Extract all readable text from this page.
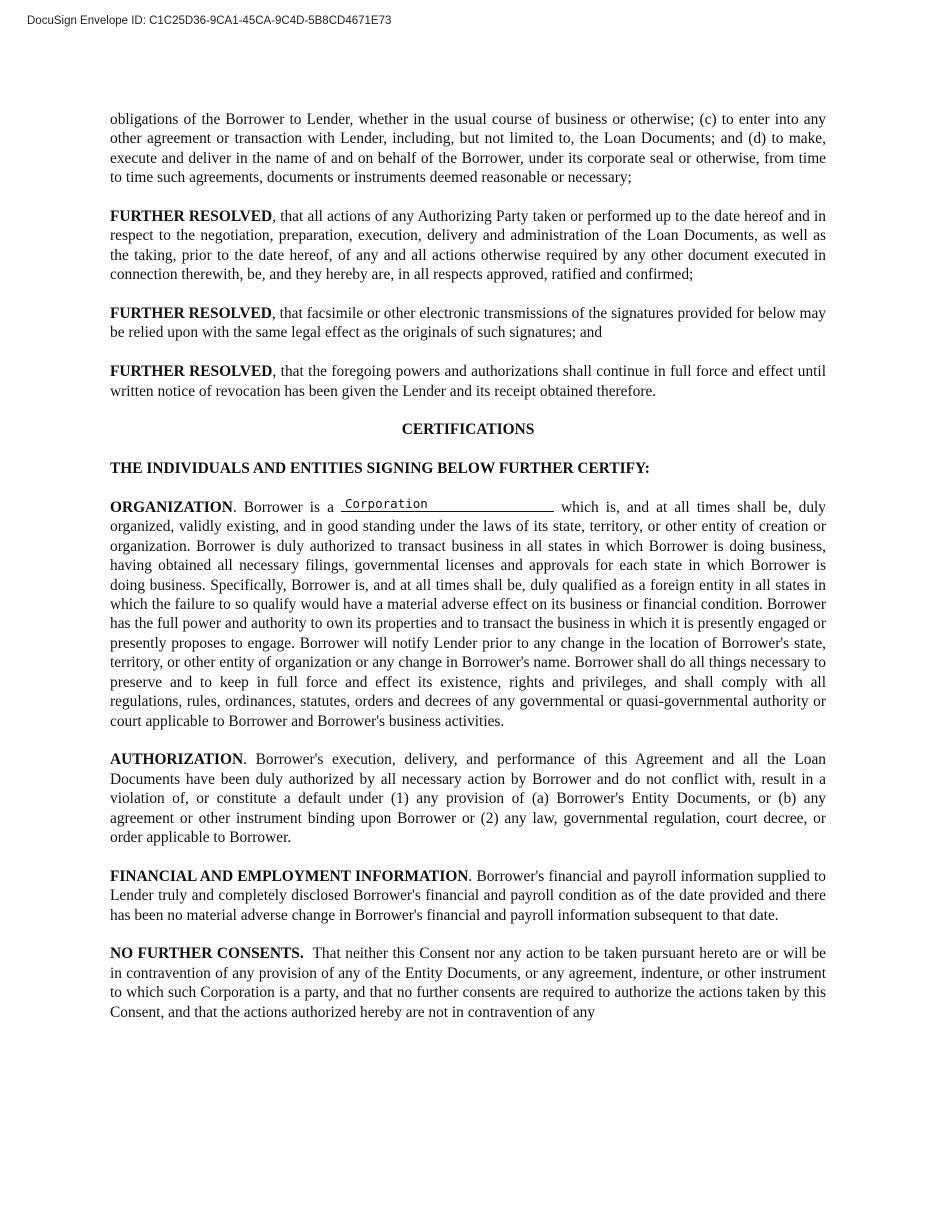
DocuSign Envelope ID: C1C25D36-9CA1-45CA-9C4D-5B8CD4671E73

obligations of the Borrower to Lender, whether in the usual course of business or otherwise; (c) to enter into any other agreement or transaction with Lender, including, but not limited to, the Loan Documents; and (d) to make, execute and deliver in the name of and on behalf of the Borrower, under its corporate seal or otherwise, from time to time such agreements, documents or instruments deemed reasonable or necessary;

FURTHER RESOLVED, that all actions of any Authorizing Party taken or performed up to the date hereof and in respect to the negotiation, preparation, execution, delivery and administration of the Loan Documents, as well as the taking, prior to the date hereof, of any and all actions otherwise required by any other document executed in connection therewith, be, and they hereby are, in all respects approved, ratified and confirmed;

FURTHER RESOLVED, that facsimile or other electronic transmissions of the signatures provided for below may be relied upon with the same legal effect as the originals of such signatures; and

FURTHER RESOLVED, that the foregoing powers and authorizations shall continue in full force and effect until written notice of revocation has been given the Lender and its receipt obtained therefore.

CERTIFICATIONS

THE INDIVIDUALS AND ENTITIES SIGNING BELOW FURTHER CERTIFY:

ORGANIZATION. Borrower is a Corporation	which is, and at all times shall be, duly organized, validly existing, and in good standing under the laws of its state, territory, or other entity of creation or organization. Borrower is duly authorized to transact business in all states in which Borrower is doing business, having obtained all necessary filings, governmental licenses and approvals for each state in which Borrower is doing business. Specifically, Borrower is, and at all times shall be, duly qualified as a foreign entity in all states in which the failure to so qualify would have a material adverse effect on its business or financial condition. Borrower has the full power and authority to own its properties and to transact the business in which it is presently engaged or presently proposes to engage. Borrower will notify Lender prior to any change in the location of Borrower's state, territory, or other entity of organization or any change in Borrower's name. Borrower shall do all things necessary to preserve and to keep in full force and effect its existence, rights and privileges, and shall comply with all regulations, rules, ordinances, statutes, orders and decrees of any governmental or quasi-governmental authority or court applicable to Borrower and Borrower's business activities.

AUTHORIZATION. Borrower's execution, delivery, and performance of this Agreement and all the Loan Documents have been duly authorized by all necessary action by Borrower and do not conflict with, result in a violation of, or constitute a default under (1) any provision of (a) Borrower's Entity Documents, or (b) any agreement or other instrument binding upon Borrower or (2) any law, governmental regulation, court decree, or order applicable to Borrower.

FINANCIAL AND EMPLOYMENT INFORMATION. Borrower's financial and payroll information supplied to Lender truly and completely disclosed Borrower's financial and payroll condition as of the date provided and there has been no material adverse change in Borrower's financial and payroll information subsequent to that date.

NO FURTHER CONSENTS.  That neither this Consent nor any action to be taken pursuant hereto are or will be in contravention of any provision of any of the Entity Documents, or any agreement, indenture, or other instrument to which such Corporation is a party, and that no further consents are required to authorize the actions taken by this Consent, and that the actions authorized hereby are not in contravention of any
